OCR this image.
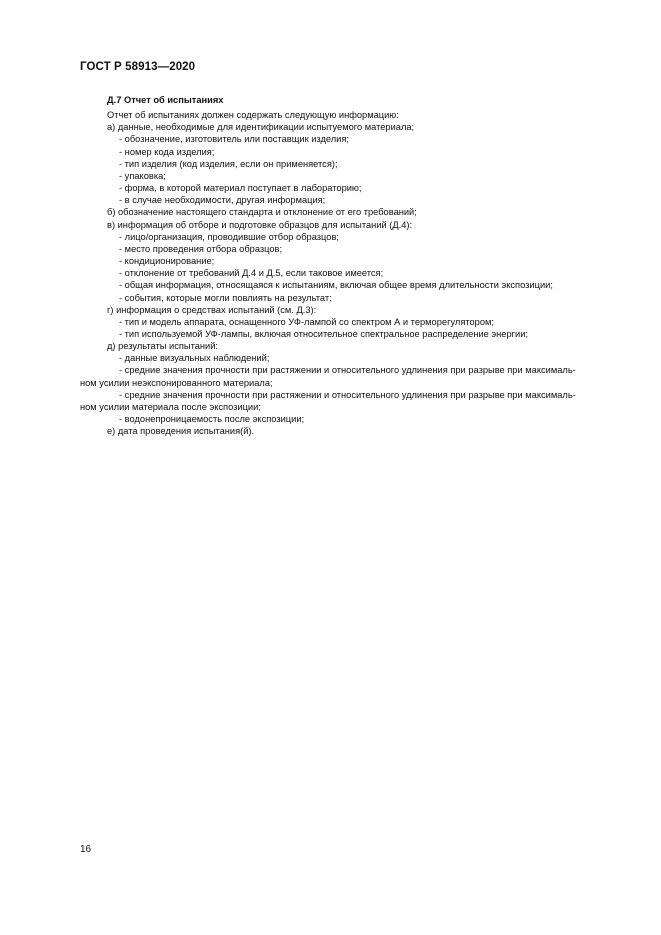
ГОСТ Р 58913—2020
Д.7 Отчет об испытаниях
Отчет об испытаниях должен содержать следующую информацию:
а) данные, необходимые для идентификации испытуемого материала;
- обозначение, изготовитель или поставщик изделия;
- номер кода изделия;
- тип изделия (код изделия, если он применяется);
- упаковка;
- форма, в которой материал поступает в лабораторию;
- в случае необходимости, другая информация;
б) обозначение настоящего стандарта и отклонение от его требований;
в) информация об отборе и подготовке образцов для испытаний (Д.4):
- лицо/организация, проводившие отбор образцов;
- место проведения отбора образцов;
- кондиционирование;
- отклонение от требований Д.4 и Д.5, если таковое имеется;
- общая информация, относящаяся к испытаниям, включая общее время длительности экспозиции;
- события, которые могли повлиять на результат;
г) информация о средствах испытаний (см. Д.3):
- тип и модель аппарата, оснащенного УФ-лампой со спектром А и терморегулятором;
- тип используемой УФ-лампы, включая относительное спектральное распределение энергии;
д) результаты испытаний:
- данные визуальных наблюдений;
- средние значения прочности при растяжении и относительного удлинения при разрыве при максималь-
ном усилии неэкспонированного материала;
- средние значения прочности при растяжении и относительного удлинения при разрыве при максималь-
ном усилии материала после экспозиции;
- водонепроницаемость после экспозиции;
е) дата проведения испытания(й).
16
